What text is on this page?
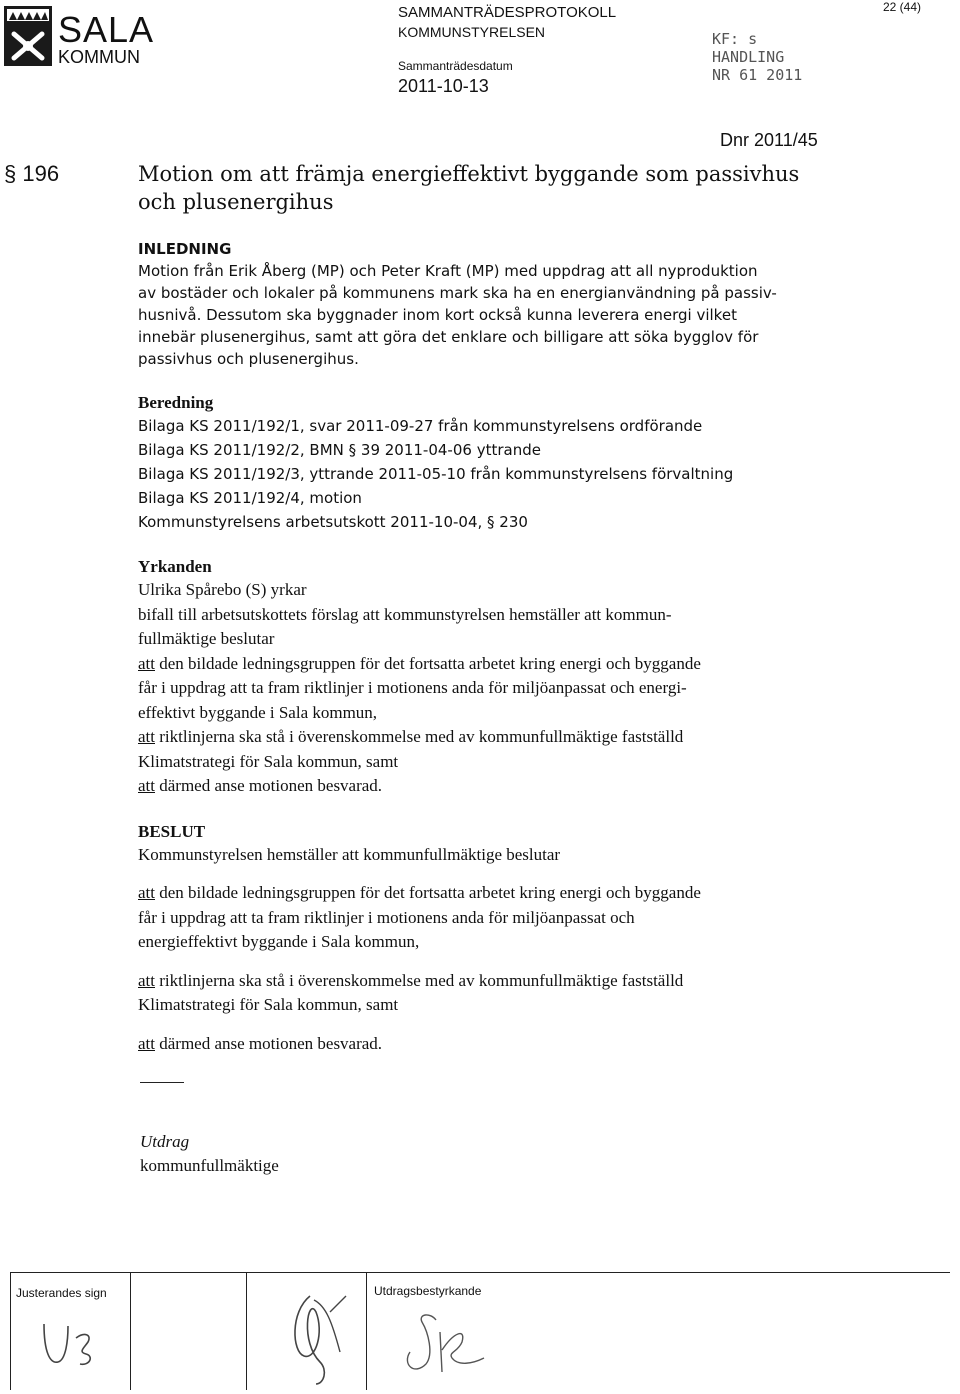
SALA
KOMMUN
SAMMANTRÄDESPROTOKOLL
KOMMUNSTYRELSEN
Sammanträdesdatum
2011-10-13
22 (44)
KF: s
HANDLING
NR 61 2011
Dnr 2011/45
§ 196	Motion om att främja energieffektivt byggande som passivhus
och plusenergihus

INLEDNING

Motion från Erik Åberg (MP) och Peter Kraft (MP) med uppdrag att all nyproduktion

av bostäder och lokaler på kommunens mark ska ha en energianvändning på passiv-

husnivå. Dessutom ska byggnader inom kort också kunna leverera energi vilket

innebär plusenergihus, samt att göra det enklare och billigare att söka bygglov för

passivhus och plusenergihus.

Beredning

Bilaga KS 2011/192/1, svar 2011-09-27 från kommunstyrelsens ordförande

Bilaga KS 2011/192/2, BMN § 39 2011-04-06 yttrande

Bilaga KS 2011/192/3, yttrande 2011-05-10 från kommunstyrelsens förvaltning

Bilaga KS 2011/192/4, motion

Kommunstyrelsens arbetsutskott 2011-10-04, § 230

Yrkanden

Ulrika Spårebo (S) yrkar

bifall till arbetsutskottets förslag att kommunstyrelsen hemställer att kommun-

fullmäktige beslutar

att den bildade ledningsgruppen för det fortsatta arbetet kring energi och byggande

får i uppdrag att ta fram riktlinjer i motionens anda för miljöanpassat och energi-

effektivt byggande i Sala kommun,

att riktlinjerna ska stå i överenskommelse med av kommunfullmäktige fastställd

Klimatstrategi för Sala kommun, samt

att därmed anse motionen besvarad.

BESLUT

Kommunstyrelsen hemställer att kommunfullmäktige beslutar

att den bildade ledningsgruppen för det fortsatta arbetet kring energi och byggande

får i uppdrag att ta fram riktlinjer i motionens anda för miljöanpassat och

energieffektivt byggande i Sala kommun,

att riktlinjerna ska stå i överenskommelse med av kommunfullmäktige fastställd

Klimatstrategi för Sala kommun, samt

att därmed anse motionen besvarad.

Utdrag
kommunfullmäktige
Justerandes sign	Utdragsbestyrkande
